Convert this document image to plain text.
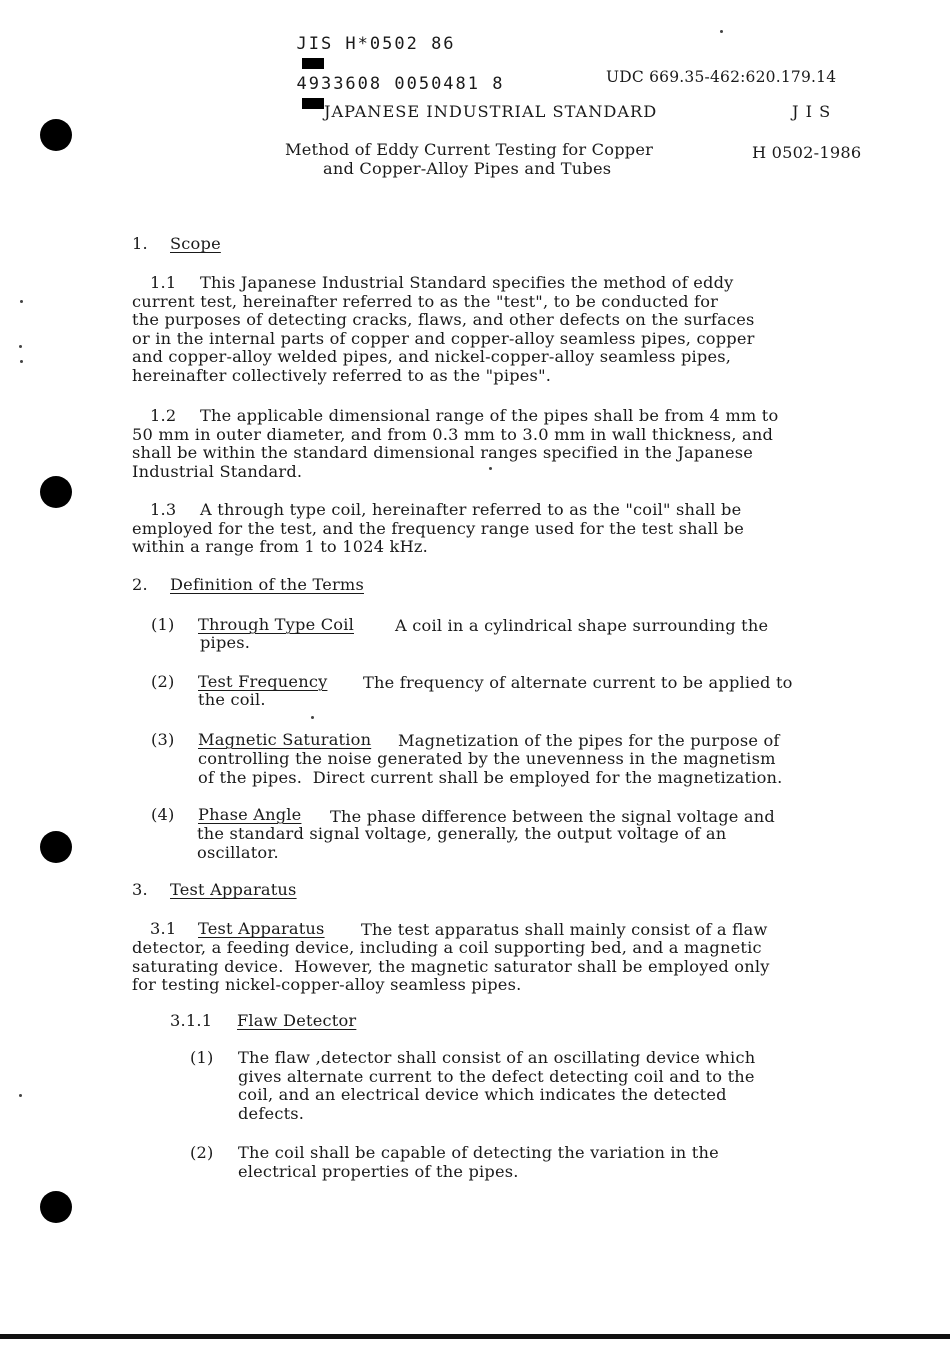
JIS H*0502 86

4933608 0050481 8
	UDC 669.35-462:620.179.14
JAPANESE INDUSTRIAL STANDARD	J I S
Method of Eddy Current Testing for Copper
and Copper-Alloy Pipes and Tubes
H 0502-1986
1. Scope
1.1	This Japanese Industrial Standard specifies the method of eddy
current test, hereinafter referred to as the "test", to be conducted for
the purposes of detecting cracks, flaws, and other defects on the surfaces
or in the internal parts of copper and copper-alloy seamless pipes, copper
and copper-alloy welded pipes, and nickel-copper-alloy seamless pipes,
hereinafter collectively referred to as the "pipes".
1.2	The applicable dimensional range of the pipes shall be from 4 mm to
50 mm in outer diameter, and from 0.3 mm to 3.0 mm in wall thickness, and
shall be within the standard dimensional ranges specified in the Japanese
Industrial Standard.
1.3	A through type coil, hereinafter referred to as the "coil" shall be
employed for the test, and the frequency range used for the test shall be
within a range from 1 to 1024 kHz.
2. Definition of the Terms
(1) Through Type Coil	A coil in a cylindrical shape surrounding the
pipes.
(2) Test Frequency The frequency of alternate current to be applied to
the coil.
(3) Magnetic Saturation Magnetization of the pipes for the purpose of
controlling the noise generated by the unevenness in the magnetism
of the pipes.  Direct current shall be employed for the magnetization.
(4) Phase Angle The phase difference between the signal voltage and
the standard signal voltage, generally, the output voltage of an
oscillator.
3. Test Apparatus
3.1 Test Apparatus The test apparatus shall mainly consist of a flaw
detector, a feeding device, including a coil supporting bed, and a magnetic
saturating device.  However, the magnetic saturator shall be employed only
for testing nickel-copper-alloy seamless pipes.
3.1.1 Flaw Detector
(1) The flaw ,detector shall consist of an oscillating device which
gives alternate current to the defect detecting coil and to the
coil, and an electrical device which indicates the detected
defects.
(2) The coil shall be capable of detecting the variation in the
electrical properties of the pipes.
